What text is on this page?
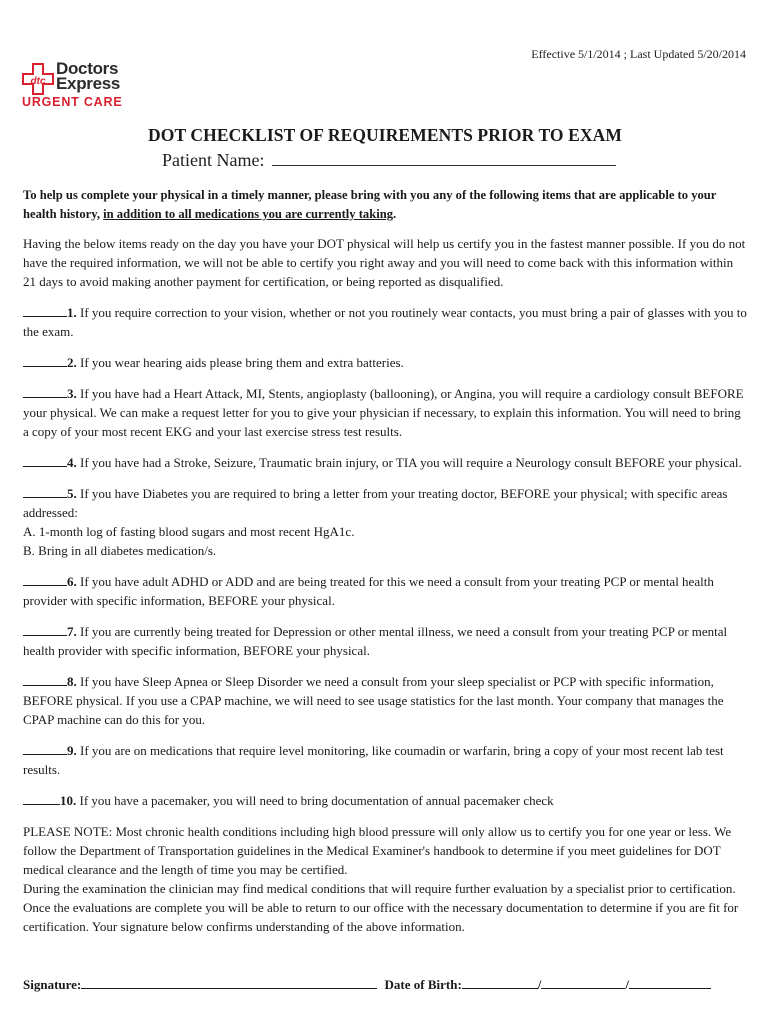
Effective 5/1/2014 ; Last Updated 5/20/2014
dtc
Doctors
Express
URGENT CARE
DOT CHECKLIST OF REQUIREMENTS PRIOR TO EXAM
Patient Name:

To help us complete your physical in a timely manner, please bring with you any of the following items that are applicable to your health history, in addition to all medications you are currently taking.

Having the below items ready on the day you have your DOT physical will help us certify you in the fastest manner possible. If you do not have the required information, we will not be able to certify you right away and you will need to come back with this information within 21 days to avoid making another payment for certification, or being reported as disqualified.

1. If you require correction to your vision, whether or not you routinely wear contacts, you must bring a pair of glasses with you to the exam.

2. If you wear hearing aids please bring them and extra batteries.

3. If you have had a Heart Attack, MI, Stents, angioplasty (ballooning), or Angina, you will require a cardiology consult BEFORE your physical. We can make a request letter for you to give your physician if necessary, to explain this information. You will need to bring a copy of your most recent EKG and your last exercise stress test results.

4. If you have had a Stroke, Seizure, Traumatic brain injury, or TIA you will require a Neurology consult BEFORE your physical.

5. If you have Diabetes you are required to bring a letter from your treating doctor, BEFORE your physical; with specific areas addressed:
A. 1-month log of fasting blood sugars and most recent HgA1c.
B. Bring in all diabetes medication/s.

6. If you have adult ADHD or ADD and are being treated for this we need a consult from your treating PCP or mental health provider with specific information, BEFORE your physical.

7. If you are currently being treated for Depression or other mental illness, we need a consult from your treating PCP or mental health provider with specific information, BEFORE your physical.

8. If you have Sleep Apnea or Sleep Disorder we need a consult from your sleep specialist or PCP with specific information, BEFORE physical. If you use a CPAP machine, we will need to see usage statistics for the last month. Your company that manages the CPAP machine can do this for you.

9. If you are on medications that require level monitoring, like coumadin or warfarin, bring a copy of your most recent lab test results.

10. If you have a pacemaker, you will need to bring documentation of annual pacemaker check

PLEASE NOTE: Most chronic health conditions including high blood pressure will only allow us to certify you for one year or less. We follow the Department of Transportation guidelines in the Medical Examiner's handbook to determine if you meet guidelines for DOT medical clearance and the length of time you may be certified.
During the examination the clinician may find medical conditions that will require further evaluation by a specialist prior to certification. Once the evaluations are complete you will be able to return to our office with the necessary documentation to determine if you are fit for certification. Your signature below confirms understanding of the above information.

Signature:	Date of Birth:	/	/
